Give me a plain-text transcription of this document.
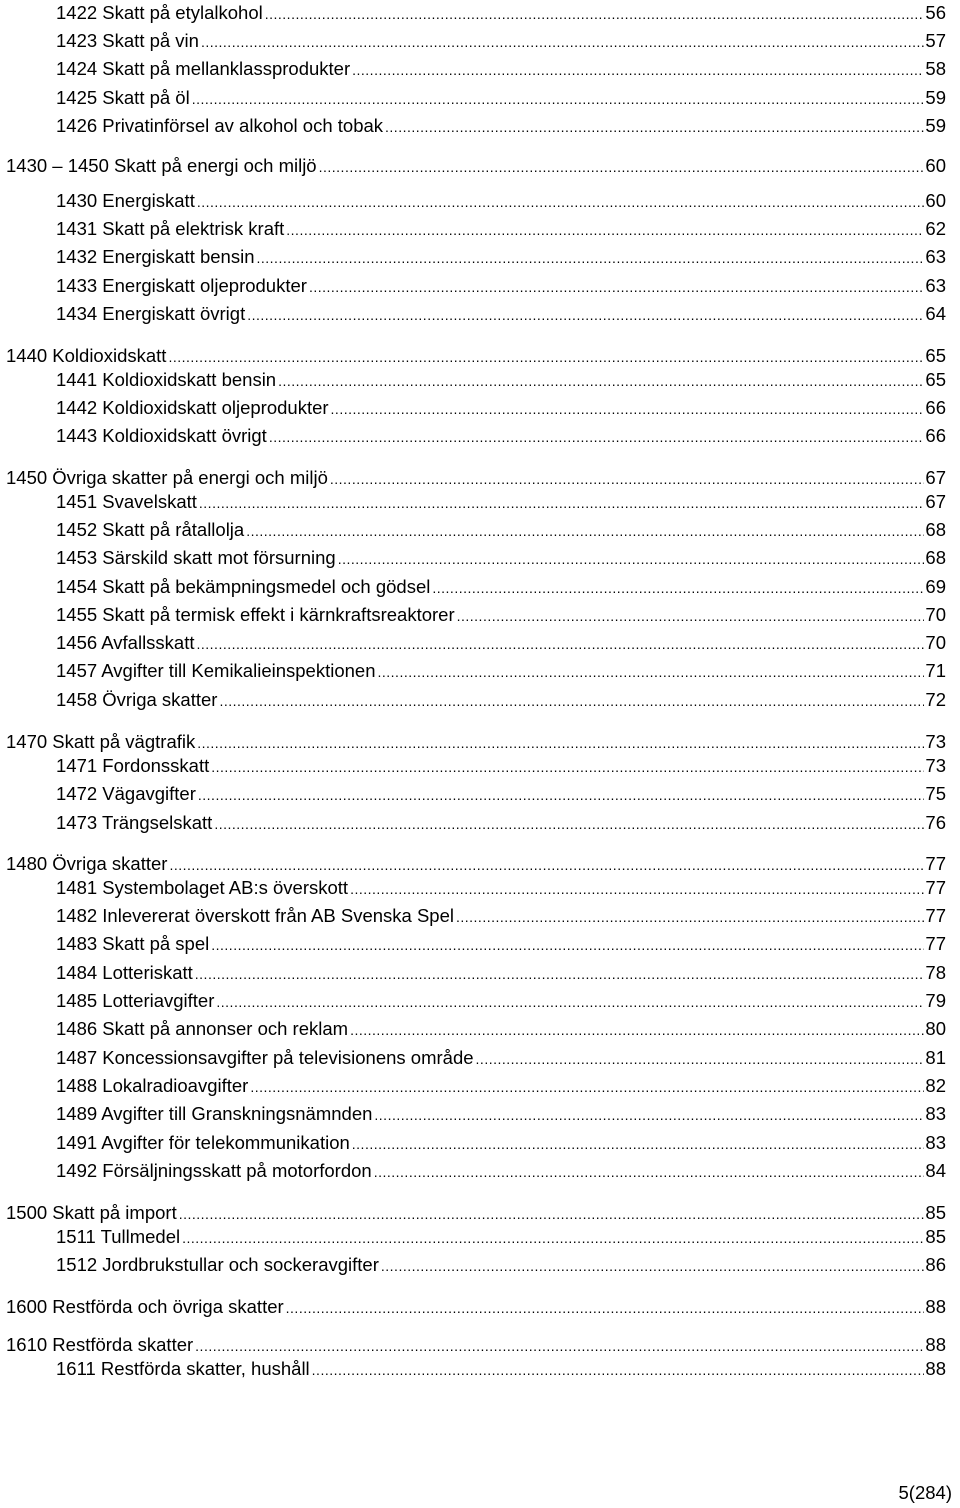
1422 Skatt på etylalkohol .....	56
1423 Skatt på vin .....	57
1424 Skatt på mellanklassprodukter .....	58
1425 Skatt på öl .....	59
1426 Privatinförsel av alkohol och tobak .....	59
1430 – 1450 Skatt på energi och miljö .....	60
1430 Energiskatt .....	60
1431 Skatt på elektrisk kraft .....	62
1432 Energiskatt bensin .....	63
1433 Energiskatt oljeprodukter .....	63
1434 Energiskatt övrigt .....	64
1440 Koldioxidskatt .....	65
1441 Koldioxidskatt bensin .....	65
1442 Koldioxidskatt oljeprodukter .....	66
1443 Koldioxidskatt övrigt .....	66
1450 Övriga skatter på energi och miljö .....	67
1451 Svavelskatt .....	67
1452 Skatt på råtallolja .....	68
1453 Särskild skatt mot försurning .....	68
1454 Skatt på bekämpningsmedel och gödsel .....	69
1455 Skatt på termisk effekt i kärnkraftsreaktorer .....	70
1456 Avfallsskatt .....	70
1457 Avgifter till Kemikalieinspektionen .....	71
1458 Övriga skatter .....	72
1470 Skatt på vägtrafik .....	73
1471 Fordonsskatt .....	73
1472 Vägavgifter .....	75
1473 Trängselskatt .....	76
1480 Övriga skatter .....	77
1481 Systembolaget AB:s överskott .....	77
1482 Inlevererat överskott från AB Svenska Spel .....	77
1483 Skatt på spel .....	77
1484 Lotteriskatt .....	78
1485 Lotteriavgifter .....	79
1486 Skatt på annonser och reklam .....	80
1487 Koncessionsavgifter på televisionens område .....	81
1488 Lokalradioavgifter .....	82
1489 Avgifter till Granskningsnämnden .....	83
1491 Avgifter för telekommunikation .....	83
1492 Försäljningsskatt på motorfordon .....	84
1500 Skatt på import .....	85
1511 Tullmedel .....	85
1512 Jordbrukstullar och sockeravgifter .....	86
1600 Restförda och övriga skatter .....	88
1610 Restförda skatter .....	88
1611 Restförda skatter, hushåll .....	88
5(284)
